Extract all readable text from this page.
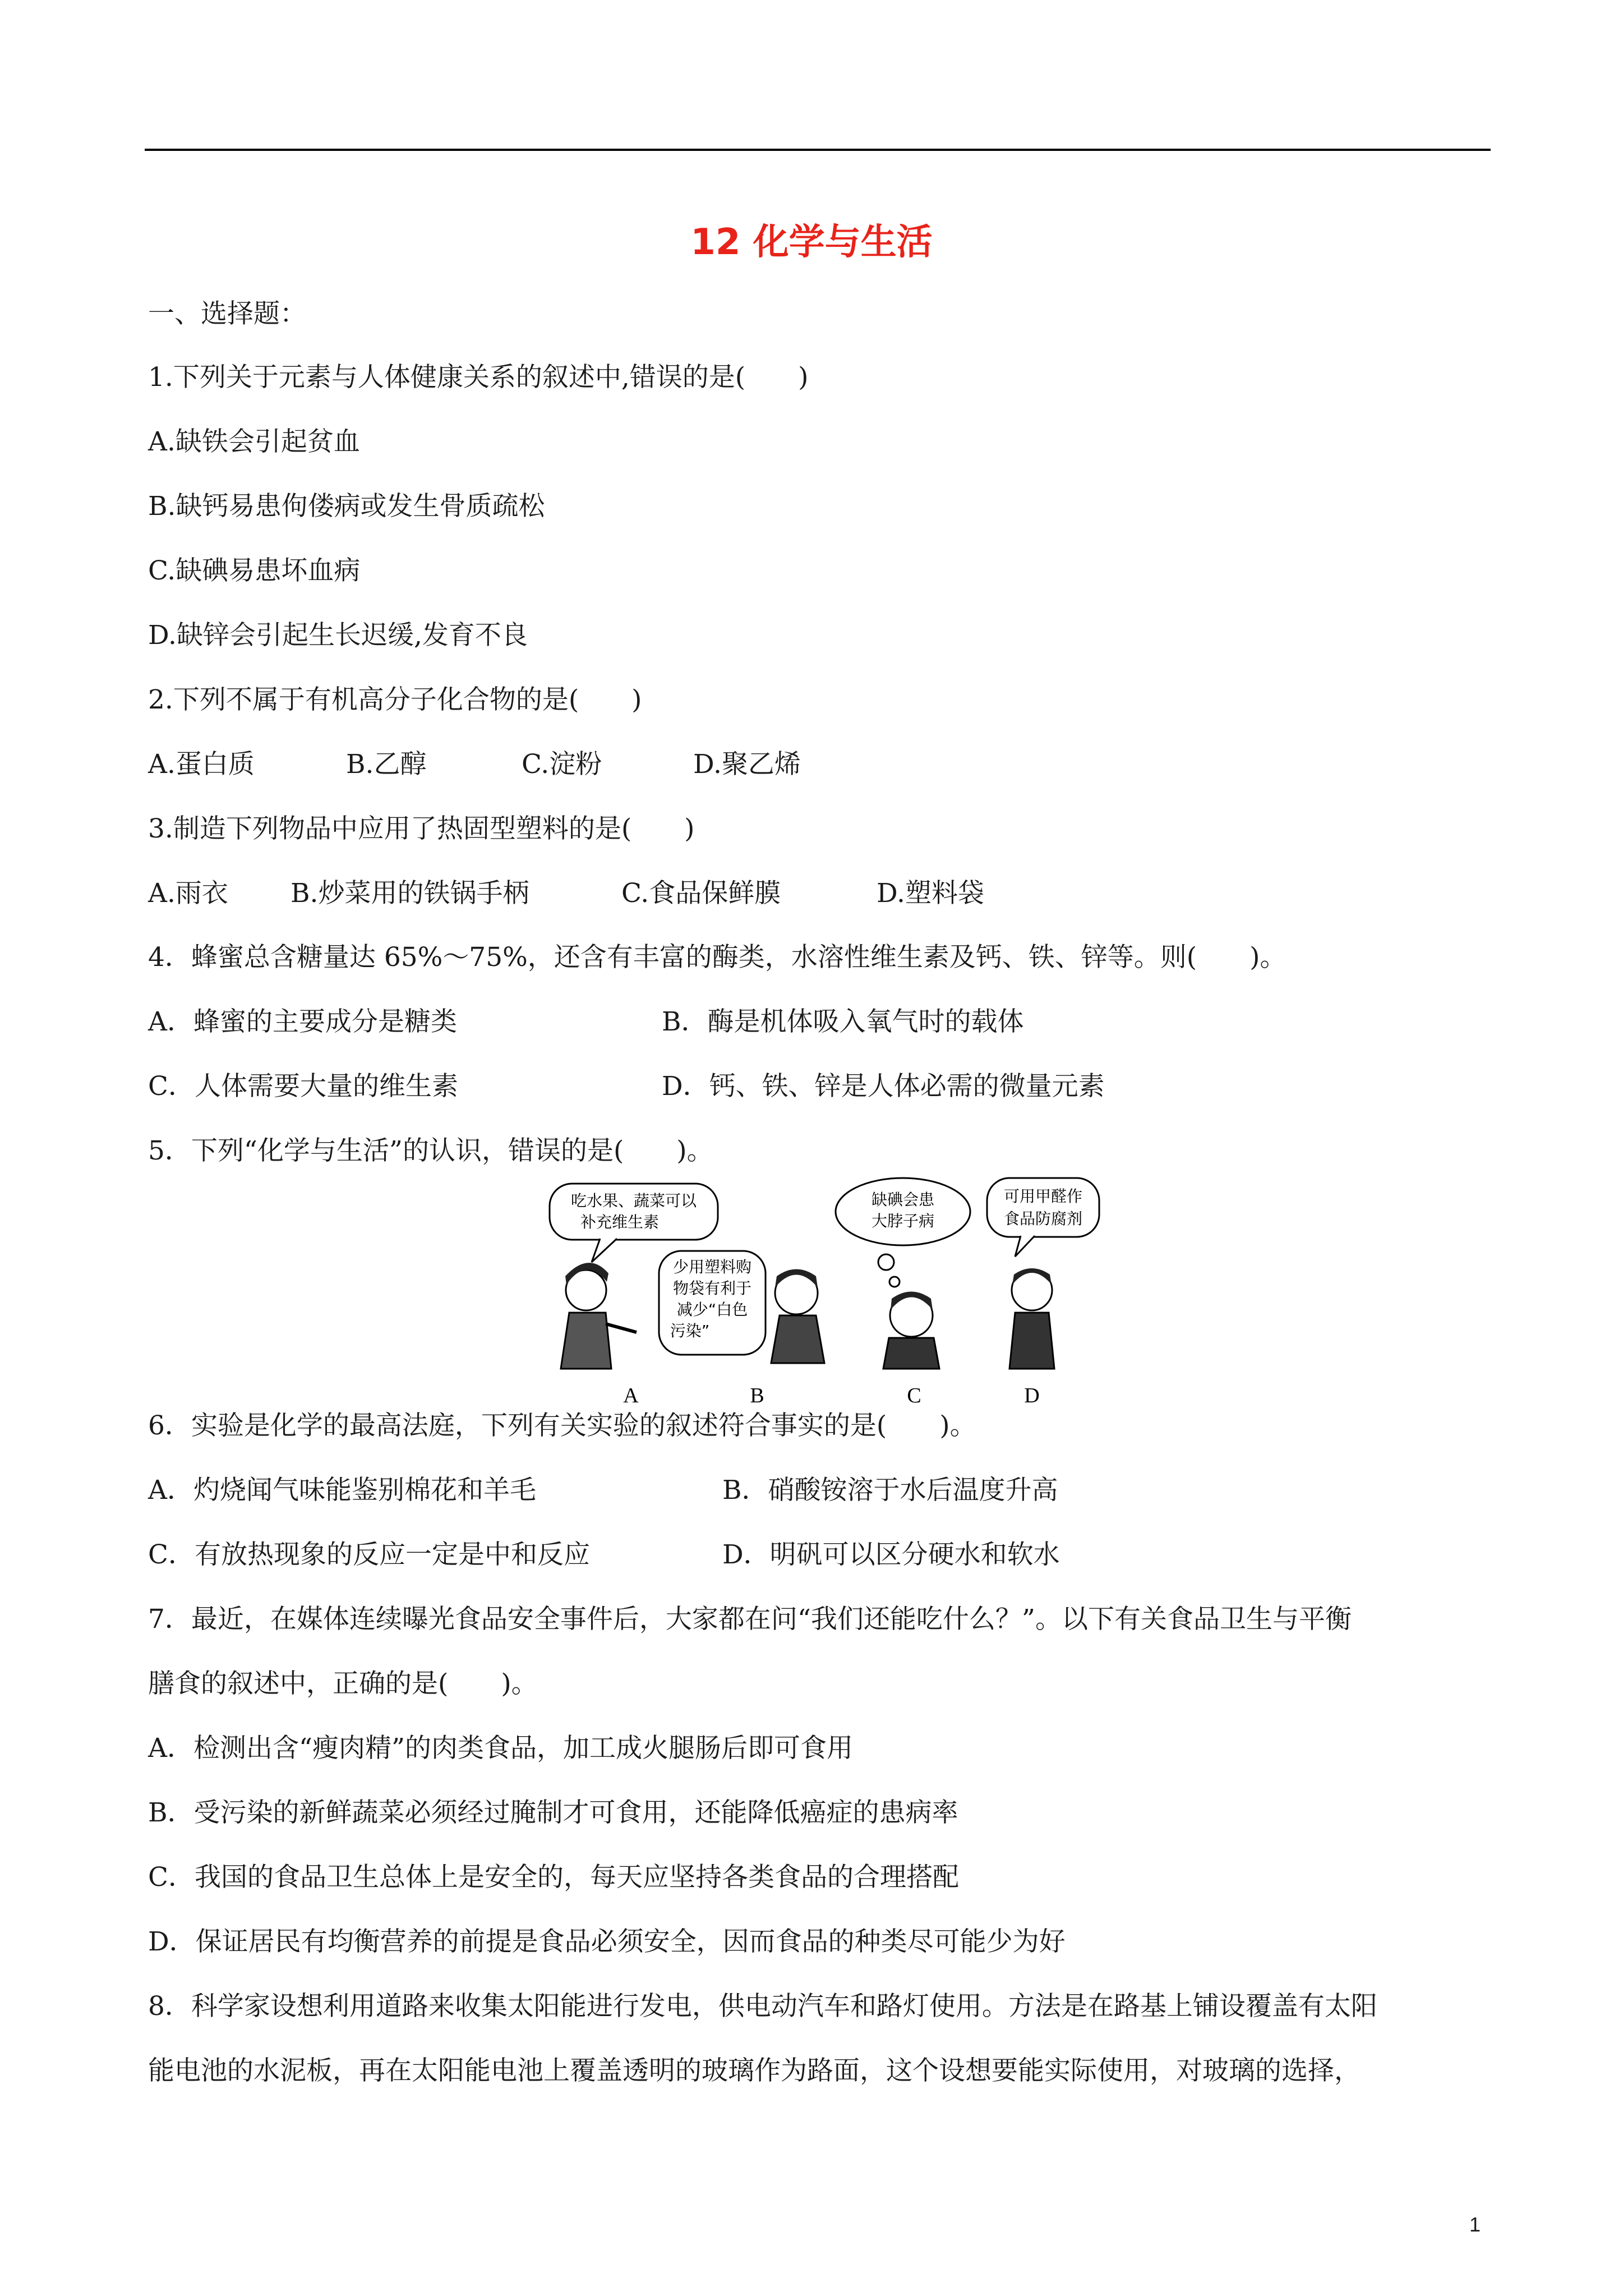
12 化学与生活
一、选择题：
1.下列关于元素与人体健康关系的叙述中,错误的是(　　)
A.缺铁会引起贫血
B.缺钙易患佝偻病或发生骨质疏松
C.缺碘易患坏血病
D.缺锌会引起生长迟缓,发育不良
2.下列不属于有机高分子化合物的是(　　)
A.蛋白质	B.乙醇	C.淀粉	D.聚乙烯
3.制造下列物品中应用了热固型塑料的是(　　)
A.雨衣 B.炒菜用的铁锅手柄	C.食品保鲜膜	D.塑料袋
4．蜂蜜总含糖量达 65%～75%，还含有丰富的酶类，水溶性维生素及钙、铁、锌等。则(　　)。
A．蜂蜜的主要成分是糖类	B．酶是机体吸入氧气时的载体
C．人体需要大量的维生素	D．钙、铁、锌是人体必需的微量元素
5．下列“化学与生活”的认识，错误的是(　　)。
吃水果、蔬菜可以
补充维生素
少用塑料购
物袋有利于
减少“白色
污染”
缺碘会患
大脖子病
可用甲醛作
食品防腐剂
A	B	C	D
6．实验是化学的最高法庭，下列有关实验的叙述符合事实的是(　　)。
A．灼烧闻气味能鉴别棉花和羊毛	B．硝酸铵溶于水后温度升高
C．有放热现象的反应一定是中和反应	D．明矾可以区分硬水和软水
7．最近，在媒体连续曝光食品安全事件后，大家都在问“我们还能吃什么？”。以下有关食品卫生与平衡
膳食的叙述中，正确的是(　　)。
A．检测出含“瘦肉精”的肉类食品，加工成火腿肠后即可食用
B．受污染的新鲜蔬菜必须经过腌制才可食用，还能降低癌症的患病率
C．我国的食品卫生总体上是安全的，每天应坚持各类食品的合理搭配
D．保证居民有均衡营养的前提是食品必须安全，因而食品的种类尽可能少为好
8．科学家设想利用道路来收集太阳能进行发电，供电动汽车和路灯使用。方法是在路基上铺设覆盖有太阳
能电池的水泥板，再在太阳能电池上覆盖透明的玻璃作为路面，这个设想要能实际使用，对玻璃的选择，
1
